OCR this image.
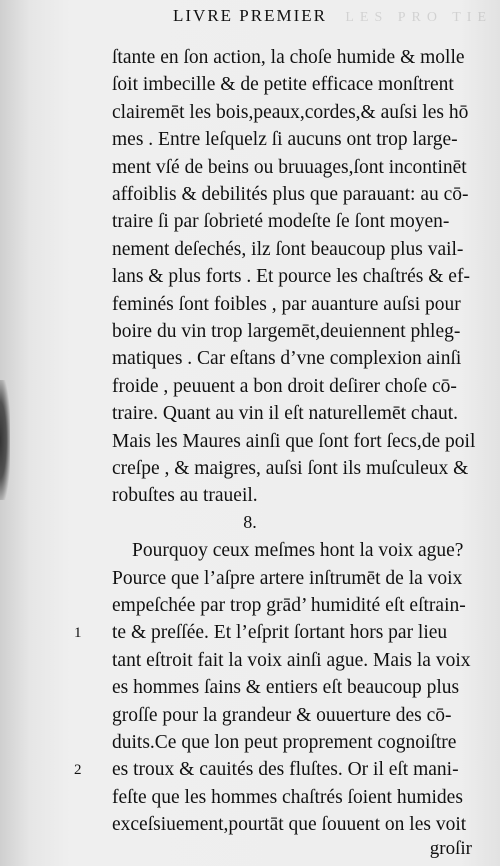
LES PRO TIE
LIVRE PREMIER
ſtante en ſon action, la choſe humide & molle
ſoit imbecille & de petite efficace monſtrent
clairemēt les bois,peaux,cordes,& auſsi les hō
mes . Entre leſquelz ſi aucuns ont trop large-
ment vſé de beins ou bruuages,ſont incontinēt
affoiblis & debilités plus que parauant: au cō-
traire ſi par ſobrieté modeſte ſe ſont moyen-
nement deſechés, ilz ſont beaucoup plus vail-
lans & plus forts . Et pource les chaſtrés & ef-
feminés ſont foibles , par auanture auſsi pour
boire du vin trop largemēt,deuiennent phleg-
matiques . Car eſtans d’vne complexion ainſi
froide , peuuent a bon droit deſirer choſe cō-
traire. Quant au vin il eſt naturellemēt chaut.
Mais les Maures ainſi que ſont fort ſecs,de poil
creſpe , & maigres, auſsi ſont ils muſculeux &
robuſtes au traueil.
8.
Pourquoy ceux meſmes hont la voix ague?
Pource que l’aſpre artere inſtrumēt de la voix
empeſchée par trop grād’ humidité eſt eſtrain-
te & preſſée. Et l’eſprit ſortant hors par lieu
tant eſtroit fait la voix ainſi ague. Mais la voix
es hommes ſains & entiers eſt beaucoup plus
groſſe pour la grandeur & ouuerture des cō-
duits.Ce que lon peut proprement cognoiſtre
es troux & cauités des fluſtes. Or il eſt mani-
feſte que les hommes chaſtrés ſoient humides
exceſsiuement,pourtāt que ſouuent on les voit
1
2
groſir
